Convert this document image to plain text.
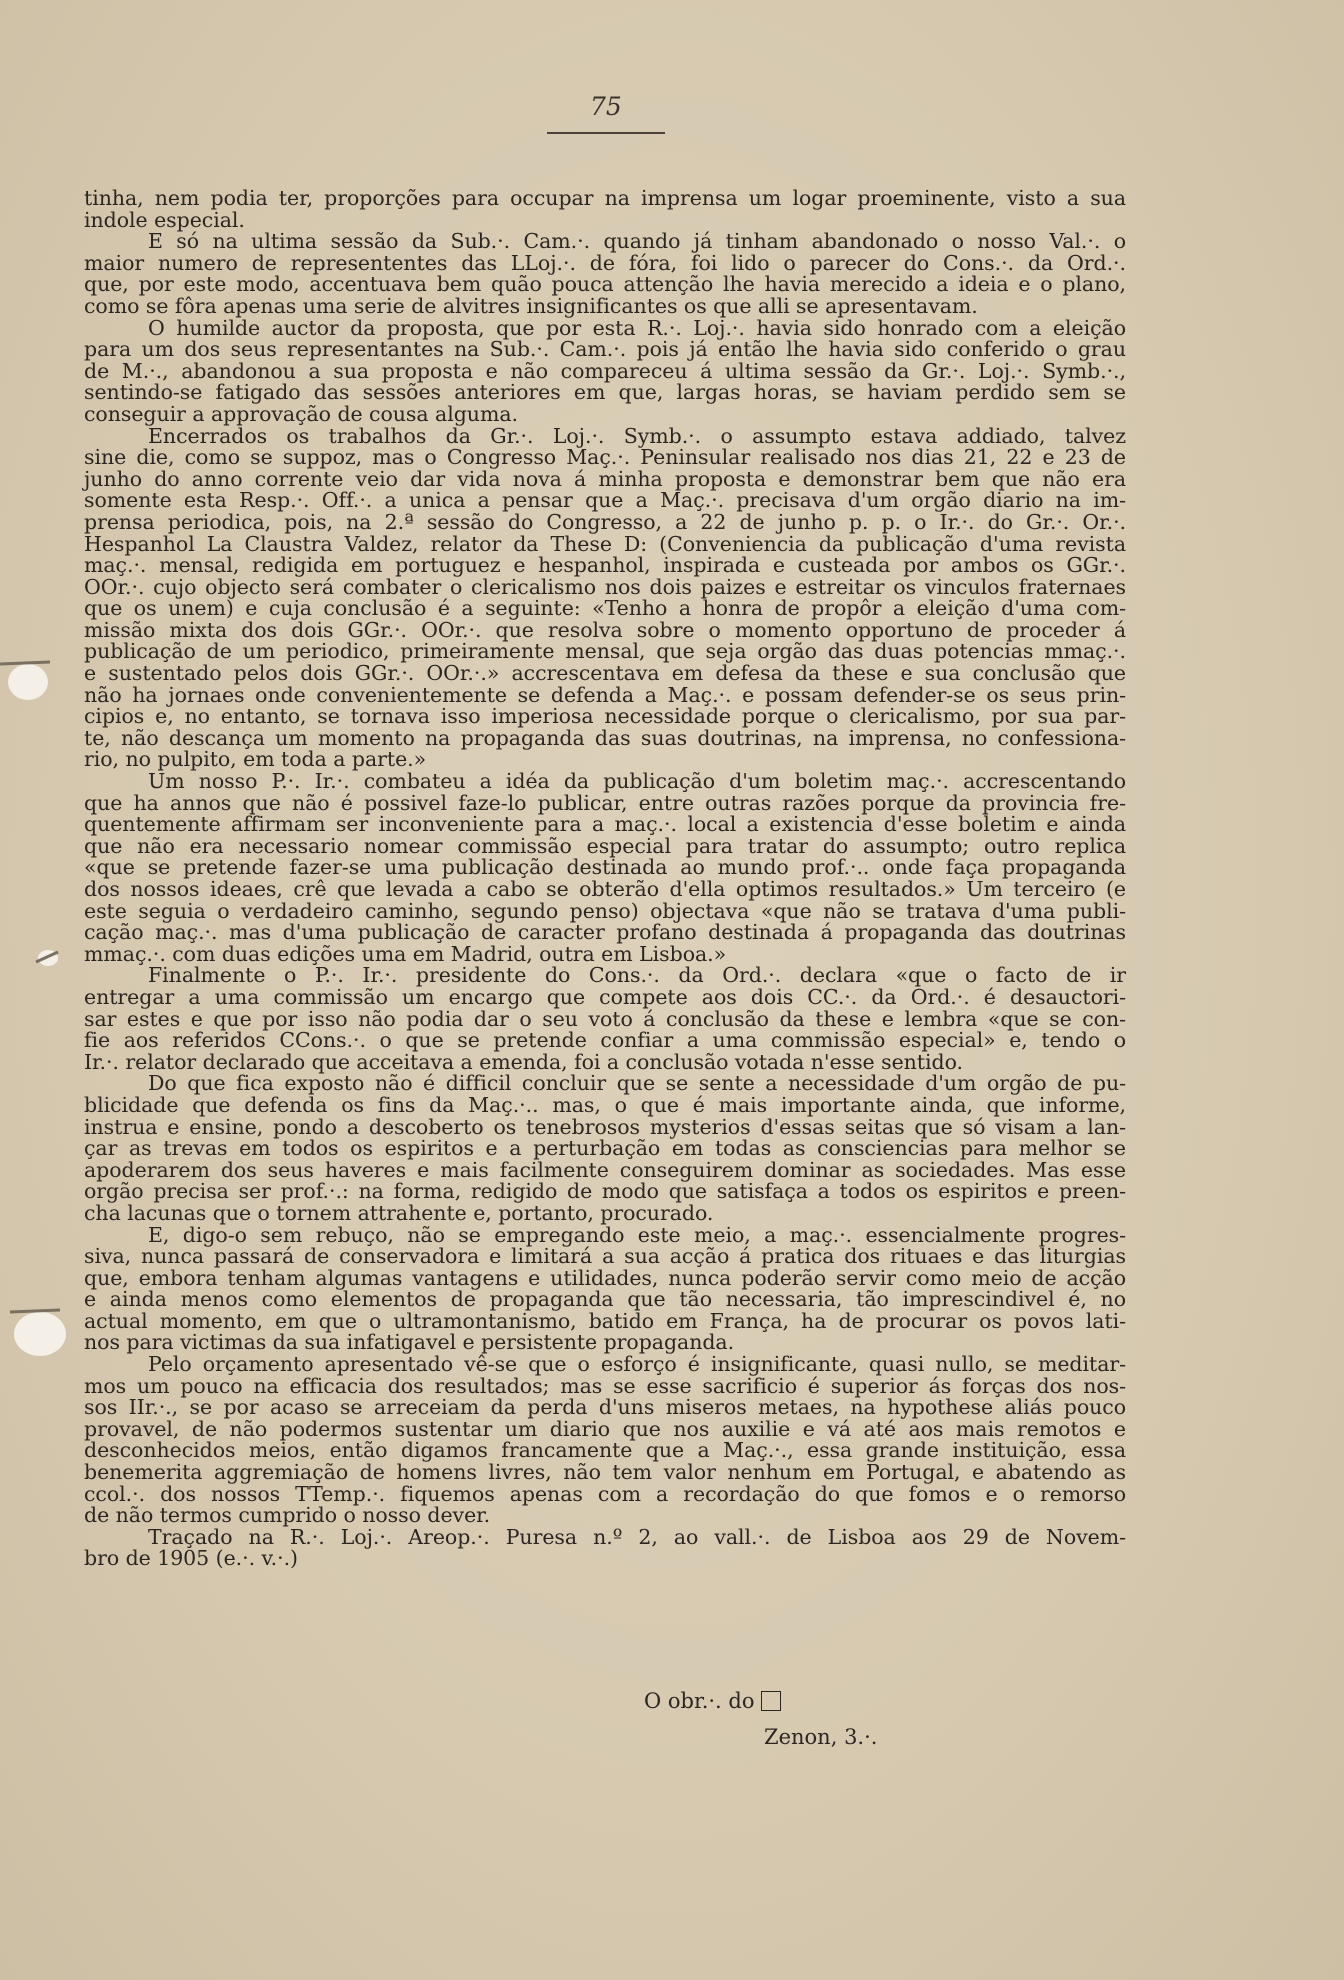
75
tinha, nem podia ter, proporções para occupar na imprensa um logar proeminente, visto a sua
indole especial.
E só na ultima sessão da Sub.·. Cam.·. quando já tinham abandonado o nosso Val.·. o
maior numero de represententes das LLoj.·. de fóra, foi lido o parecer do Cons.·. da Ord.·.
que, por este modo, accentuava bem quão pouca attenção lhe havia merecido a ideia e o plano,
como se fôra apenas uma serie de alvitres insignificantes os que alli se apresentavam.
O humilde auctor da proposta, que por esta R.·. Loj.·. havia sido honrado com a eleição
para um dos seus representantes na Sub.·. Cam.·. pois já então lhe havia sido conferido o grau
de M.·., abandonou a sua proposta e não compareceu á ultima sessão da Gr.·. Loj.·. Symb.·.,
sentindo-se fatigado das sessões anteriores em que, largas horas, se haviam perdido sem se
conseguir a approvação de cousa alguma.
Encerrados os trabalhos da Gr.·. Loj.·. Symb.·. o assumpto estava addiado, talvez
sine die, como se suppoz, mas o Congresso Maç.·. Peninsular realisado nos dias 21, 22 e 23 de
junho do anno corrente veio dar vida nova á minha proposta e demonstrar bem que não era
somente esta Resp.·. Off.·. a unica a pensar que a Maç.·. precisava d'um orgão diario na im-
prensa periodica, pois, na 2.ª sessão do Congresso, a 22 de junho p. p. o Ir.·. do Gr.·. Or.·.
Hespanhol La Claustra Valdez, relator da These D: (Conveniencia da publicação d'uma revista
maç.·. mensal, redigida em portuguez e hespanhol, inspirada e custeada por ambos os GGr.·.
OOr.·. cujo objecto será combater o clericalismo nos dois paizes e estreitar os vinculos fraternaes
que os unem) e cuja conclusão é a seguinte: «Tenho a honra de propôr a eleição d'uma com-
missão mixta dos dois GGr.·. OOr.·. que resolva sobre o momento opportuno de proceder á
publicação de um periodico, primeiramente mensal, que seja orgão das duas potencias mmaç.·.
e sustentado pelos dois GGr.·. OOr.·.» accrescentava em defesa da these e sua conclusão que
não ha jornaes onde convenientemente se defenda a Maç.·. e possam defender-se os seus prin-
cipios e, no entanto, se tornava isso imperiosa necessidade porque o clericalismo, por sua par-
te, não descança um momento na propaganda das suas doutrinas, na imprensa, no confessiona-
rio, no pulpito, em toda a parte.»
Um nosso P.·. Ir.·. combateu a idéa da publicação d'um boletim maç.·. accrescentando
que ha annos que não é possivel faze-lo publicar, entre outras razões porque da provincia fre-
quentemente affirmam ser inconveniente para a maç.·. local a existencia d'esse boletim e ainda
que não era necessario nomear commissão especial para tratar do assumpto; outro replica
«que se pretende fazer-se uma publicação destinada ao mundo prof.·.. onde faça propaganda
dos nossos ideaes, crê que levada a cabo se obterão d'ella optimos resultados.» Um terceiro (e
este seguia o verdadeiro caminho, segundo penso) objectava «que não se tratava d'uma publi-
cação maç.·. mas d'uma publicação de caracter profano destinada á propaganda das doutrinas
mmaç.·. com duas edições uma em Madrid, outra em Lisboa.»
Finalmente o P.·. Ir.·. presidente do Cons.·. da Ord.·. declara «que o facto de ir
entregar a uma commissão um encargo que compete aos dois CC.·. da Ord.·. é desauctori-
sar estes e que por isso não podia dar o seu voto á conclusão da these e lembra «que se con-
fie aos referidos CCons.·. o que se pretende confiar a uma commissão especial» e, tendo o
Ir.·. relator declarado que acceitava a emenda, foi a conclusão votada n'esse sentido.
Do que fica exposto não é difficil concluir que se sente a necessidade d'um orgão de pu-
blicidade que defenda os fins da Maç.·.. mas, o que é mais importante ainda, que informe,
instrua e ensine, pondo a descoberto os tenebrosos mysterios d'essas seitas que só visam a lan-
çar as trevas em todos os espiritos e a perturbação em todas as consciencias para melhor se
apoderarem dos seus haveres e mais facilmente conseguirem dominar as sociedades. Mas esse
orgão precisa ser prof.·.: na forma, redigido de modo que satisfaça a todos os espiritos e preen-
cha lacunas que o tornem attrahente e, portanto, procurado.
E, digo-o sem rebuço, não se empregando este meio, a maç.·. essencialmente progres-
siva, nunca passará de conservadora e limitará a sua acção á pratica dos rituaes e das liturgias
que, embora tenham algumas vantagens e utilidades, nunca poderão servir como meio de acção
e ainda menos como elementos de propaganda que tão necessaria, tão imprescindivel é, no
actual momento, em que o ultramontanismo, batido em França, ha de procurar os povos lati-
nos para victimas da sua infatigavel e persistente propaganda.
Pelo orçamento apresentado vê-se que o esforço é insignificante, quasi nullo, se meditar-
mos um pouco na efficacia dos resultados; mas se esse sacrificio é superior ás forças dos nos-
sos IIr.·., se por acaso se arreceiam da perda d'uns miseros metaes, na hypothese aliás pouco
provavel, de não podermos sustentar um diario que nos auxilie e vá até aos mais remotos e
desconhecidos meios, então digamos francamente que a Maç.·., essa grande instituição, essa
benemerita aggremiação de homens livres, não tem valor nenhum em Portugal, e abatendo as
ccol.·. dos nossos TTemp.·. fiquemos apenas com a recordação do que fomos e o remorso
de não termos cumprido o nosso dever.
Traçado na R.·. Loj.·. Areop.·. Puresa n.º 2, ao vall.·. de Lisboa aos 29 de Novem-
bro de 1905 (e.·. v.·.)
O obr.·. do
Zenon, 3.·.
